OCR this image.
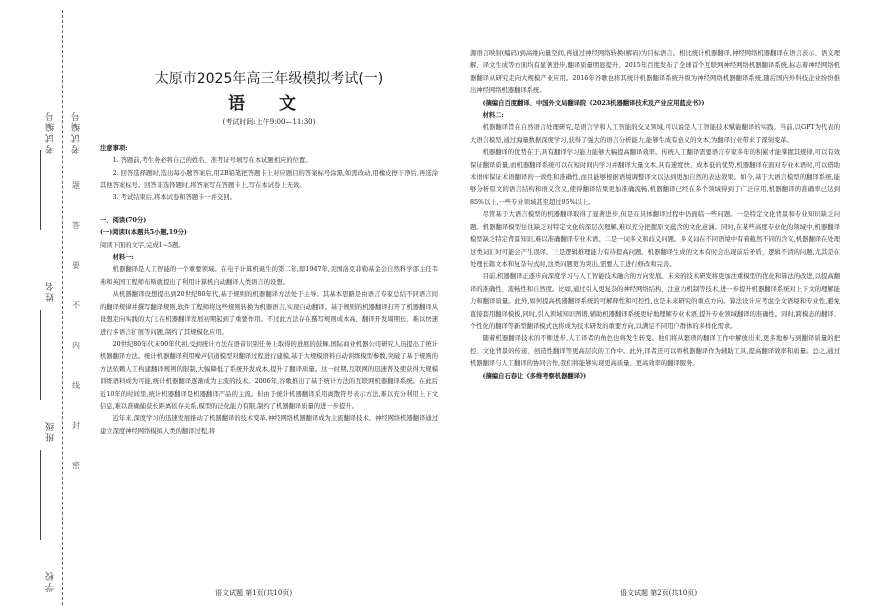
考试编号 考试编号
姓名
班级
学校
题
答
要
不
内
线
封
密
太原市2025年高三年级模拟考试(一)
语 文
(考试时间:上午9:00—11:30)

注意事项:

1. 答题前,考生务必将自己的姓名、准考证号填写在本试题相应的位置。

2. 回答选择题时,选出每小题答案后,用2B铅笔把答题卡上对应题目的答案标号涂黑,如需改动,用橡皮擦干净后,再选涂其他答案标号。回答非选择题时,将答案写在答题卡上,写在本试卷上无效。

3. 考试结束后,将本试卷和答题卡一并交回。

一、阅读(70分)

(一)阅读Ⅰ(本题共5小题,19分)

阅读下面的文字,完成1~5题。

材料一:

机器翻译是人工智能的一个重要领域。在电子计算机诞生的第二年,即1947年,美国洛克菲勒基金会自然科学部主任韦弗和英国工程师布斯就提出了利用计算机自动翻译人类语言的设想。

从机器翻译设想提出到20世纪80年代,基于规则的机器翻译方法处于主导。其基本思路是由语言专家总结不同语言间的翻译规律并撰写翻译规则,软件工程师将这些规则转换为机器语言,实现自动翻译。基于规则的机器翻译打开了机器翻译从设想走向实践的大门,在机器翻译发展初期起到了重要作用。不过此方法存在撰写规则成本高、翻译开发周期长、难以快速进行多语言扩展等问题,制约了其规模化应用。

20世纪80年代末90年代初,受到统计方法在语音识别任务上取得的进展的鼓舞,国际商业机器公司研究人员提出了统计机器翻译方法。统计机器翻译利用噪声信道模型对翻译过程进行建模,基于大规模语料自动训练模型参数,突破了基于规则的方法依赖人工构建翻译规则的限制,大幅降低了系统开发成本,提升了翻译质量。这一时期,互联网的迅速普及使获得大规模训练语料成为可能,统计机器翻译逐渐成为主流的技术。2006年,谷歌推出了基于统计方法的互联网机器翻译系统。在此后近10年的时间里,统计机器翻译是机器翻译产品的主流。但由于统计机器翻译采用离散符号表示方法,难以充分利用上下文信息,难以准确捕获长距离依存关系,模型的泛化能力有限,制约了机器翻译质量的进一步提升。

近年来,深度学习的迅速发展推动了机器翻译的技术变革,神经网络机器翻译成为主流翻译技术。神经网络机器翻译通过建立深度神经网络模拟人类的翻译过程,将

源语言映射(编码)到高维向量空间,再通过神经网络转换(解码)为目标语言。相比统计机器翻译,神经网络机器翻译在语言表示、语义理解、译文生成等方面均有显著进步,翻译质量明显提升。2015年百度发布了全球首个互联网神经网络机器翻译系统,标志着神经网络机器翻译从研究走向大规模产业应用。2016年谷歌也将其统计机器翻译系统升级为神经网络机器翻译系统,随后国内外科技企业纷纷推出神经网络机器翻译系统。

(摘编自百度翻译、中国外文局翻译院《2023机器翻译技术及产业应用蓝皮书》)

材料二:

机器翻译旨在自然语言处理研究,是语言学和人工智能的交叉领域,可以说是人工智能技术赋能翻译的实践。当前,以GPT为代表的大语言模型,通过海量数据深度学习,获得了强大的语言分析能力,能够生成有意义的文本,为翻译行业带来了深刻变革。

机器翻译的优势在于,具有翻译学习能力能够大幅提高翻译效率。传统人工翻译需要语言专家多年的积累才能掌握其规律,可以有效保证翻译质量,而机器翻译系统可以在短时间内学习并翻译大量文本,具有速度快、成本低的优势,机器翻译在面对专业术语时,可以借助术语库保证术语翻译的一致性和准确性,而且能够根据语境调整译文以达到更加自然的表达效果。如今,基于大语言模型的翻译系统,能够分析原文的语言结构和语义含义,使得翻译结果更加准确流畅,机器翻译已经在多个领域得到了广泛应用,机器翻译的准确率已达到85%以上,一些专业领域甚至超过95%以上。

尽管基于大语言模型的机器翻译取得了显著进步,但是在具体翻译过程中仍面临一些问题。一是特定文化背景和专业知识缺乏问题。机器翻译模型往往缺乏对特定文化的深层次理解,难以充分把握原文蕴含的文化意涵。同时,在某些高度专业化的领域中,机器翻译模型缺乏特定背景知识,难以准确翻译专业术语。二是一词多义和歧义问题。多义词在不同语境中有着截然不同的含义,机器翻译在处理这类词汇时可能会产生误译。三是逻辑推理能力有待提高问题。机器翻译生成的文本有时会出现前后矛盾、逻辑不清的问题,尤其是在处理长篇文本和复杂句式时,这类问题更为突出,需要人工进行修改和完善。

目前,机器翻译正逐步向深度学习与人工智能技术融合的方向发展。未来的技术研发将更加注重模型的优化和算法的改进,以提高翻译的准确性、流畅性和自然度。比如,通过引入更复杂的神经网络结构、注意力机制等技术,进一步提升机器翻译系统对上下文的理解能力和翻译质量。此外,如何提高机器翻译系统的可解释性和可控性,也是未来研究的重点方向。算法设计应考虑全文语境和专业性,避免直接套用翻译模板,同时,引入领域知识图谱,辅助机器翻译系统更好地理解专业术语,提升专业领域翻译的准确性。同时,跨模态的翻译、个性化的翻译等新型翻译模式也将成为技术研发的重要方向,以满足不同用户群体的多样化需求。

随着机器翻译技术的不断进步,人工译者的角色也将发生转变。他们将从繁琐的翻译工作中解放出来,更多地参与到翻译质量的把控、文化背景的传递、创造性翻译等更高层次的工作中。此外,译者还可以将机器翻译作为辅助工具,提高翻译效率和质量。总之,通过机器翻译与人工翻译的协同合作,我们将能够实现更高质量、更高效率的翻译服务。

(摘编自石春让《多维考察机器翻译》)

语文试题 第1页(共10页)	语文试题 第2页(共10页)
